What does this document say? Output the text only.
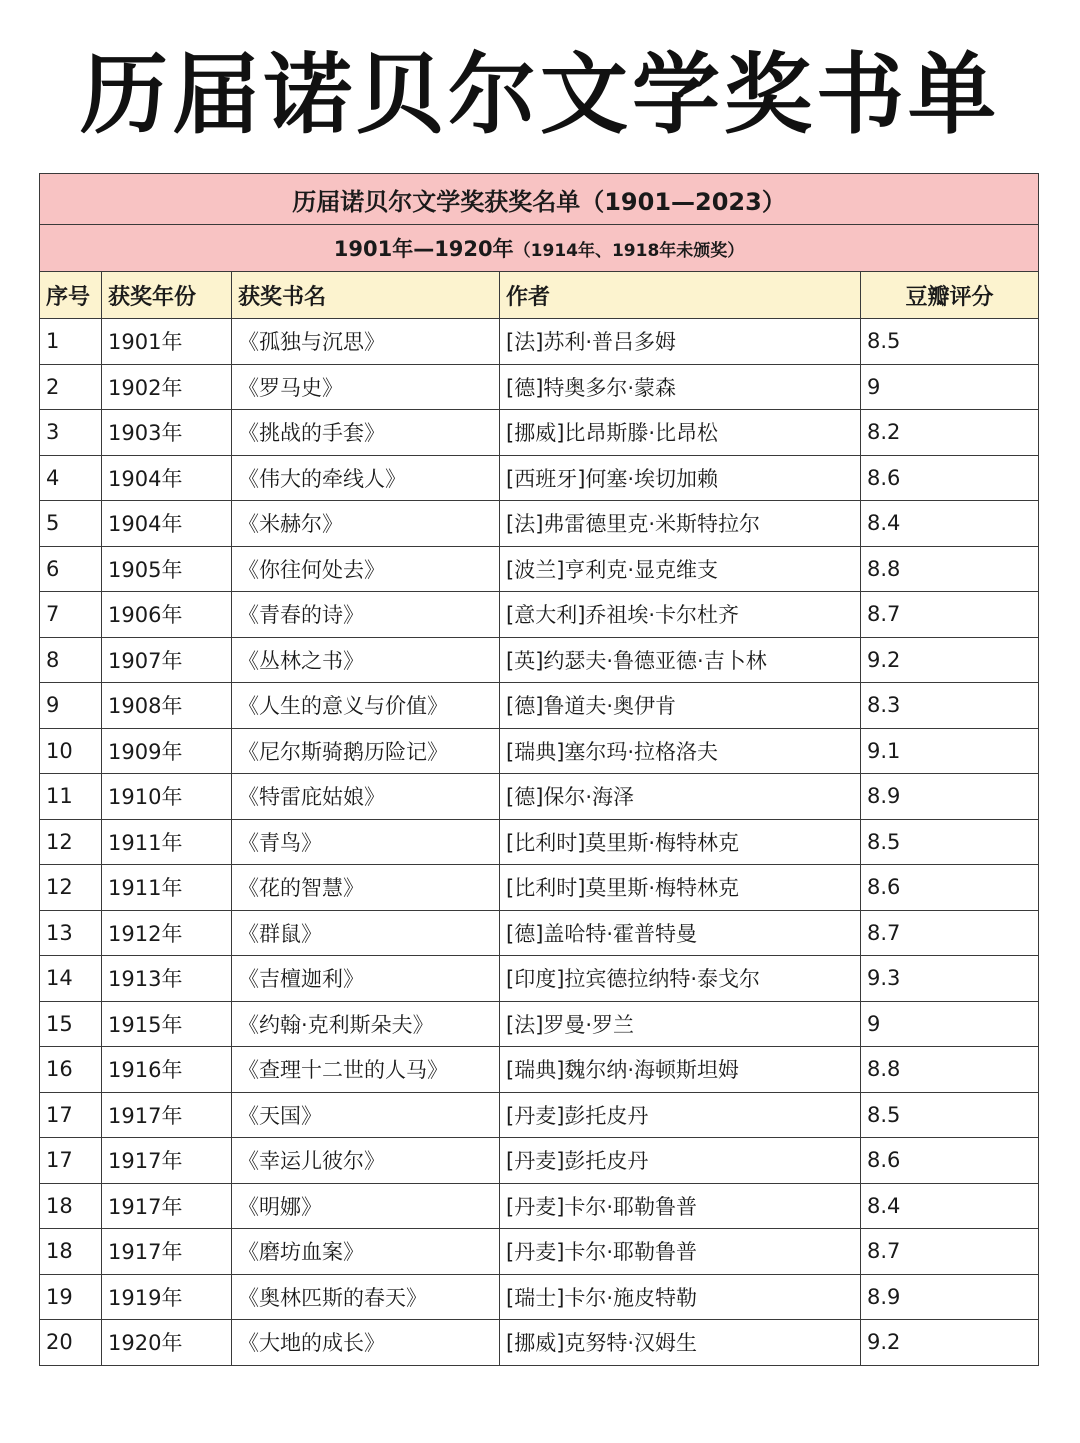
历届诺贝尔文学奖书单
历届诺贝尔文学奖获奖名单（1901—2023）				
1901年—1920年（1914年、1918年未颁奖）				
序号	获奖年份	获奖书名	作者	豆瓣评分
1	1901年	《孤独与沉思》	[法]苏利·普吕多姆	8.5
2	1902年	《罗马史》	[德]特奥多尔·蒙森	9
3	1903年	《挑战的手套》	[挪威]比昂斯滕·比昂松	8.2
4	1904年	《伟大的牵线人》	[西班牙]何塞·埃切加赖	8.6
5	1904年	《米赫尔》	[法]弗雷德里克·米斯特拉尔	8.4
6	1905年	《你往何处去》	[波兰]亨利克·显克维支	8.8
7	1906年	《青春的诗》	[意大利]乔祖埃·卡尔杜齐	8.7
8	1907年	《丛林之书》	[英]约瑟夫·鲁德亚德·吉卜林	9.2
9	1908年	《人生的意义与价值》	[德]鲁道夫·奥伊肯	8.3
10	1909年	《尼尔斯骑鹅历险记》	[瑞典]塞尔玛·拉格洛夫	9.1
11	1910年	《特雷庇姑娘》	[德]保尔·海泽	8.9
12	1911年	《青鸟》	[比利时]莫里斯·梅特林克	8.5
12	1911年	《花的智慧》	[比利时]莫里斯·梅特林克	8.6
13	1912年	《群鼠》	[德]盖哈特·霍普特曼	8.7
14	1913年	《吉檀迦利》	[印度]拉宾德拉纳特·泰戈尔	9.3
15	1915年	《约翰·克利斯朵夫》	[法]罗曼·罗兰	9
16	1916年	《查理十二世的人马》	[瑞典]魏尔纳·海顿斯坦姆	8.8
17	1917年	《天国》	[丹麦]彭托皮丹	8.5
17	1917年	《幸运儿彼尔》	[丹麦]彭托皮丹	8.6
18	1917年	《明娜》	[丹麦]卡尔·耶勒鲁普	8.4
18	1917年	《磨坊血案》	[丹麦]卡尔·耶勒鲁普	8.7
19	1919年	《奥林匹斯的春天》	[瑞士]卡尔·施皮特勒	8.9
20	1920年	《大地的成长》	[挪威]克努特·汉姆生	9.2
